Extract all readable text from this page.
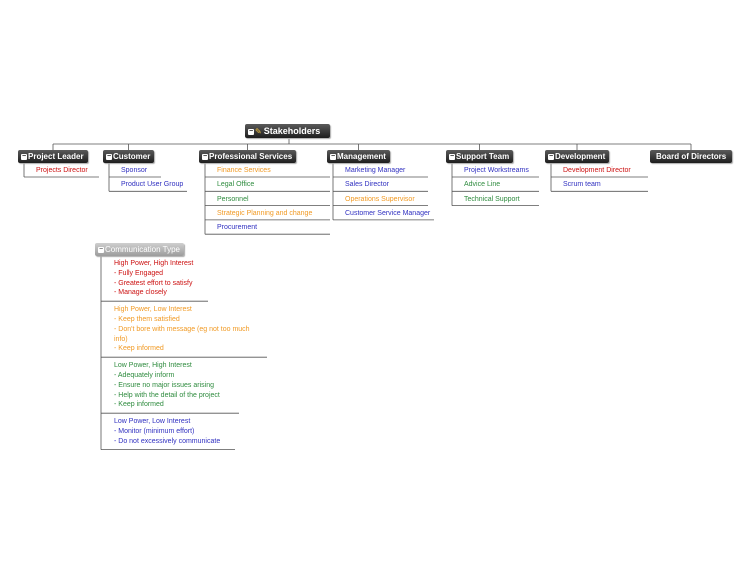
− ✎ Stakeholders
− Project Leader
Projects Director
− Customer
Sponsor
Product User Group
− Professional Services
Finance Services
Legal Office
Personnel
Strategic Planning and change
Procurement
− Management
Marketing Manager
Sales Director
Operations Supervisor
Customer Service Manager
− Support Team
Project Workstreams
Advice Line
Technical Support
− Development
Development Director
Scrum team
Board of Directors
− Communication Type
High Power, High Interest
- Fully Engaged
- Greatest effort to satisfy
- Manage closely
High Power, Low Interest
- Keep them satisfied
- Don't bore with message (eg not too much
info)
- Keep informed
Low Power, High Interest
- Adequately inform
- Ensure no major issues arising
- Help with the detail of the project
- Keep informed
Low Power, Low Interest
- Monitor (minimum effort)
- Do not excessively communicate
